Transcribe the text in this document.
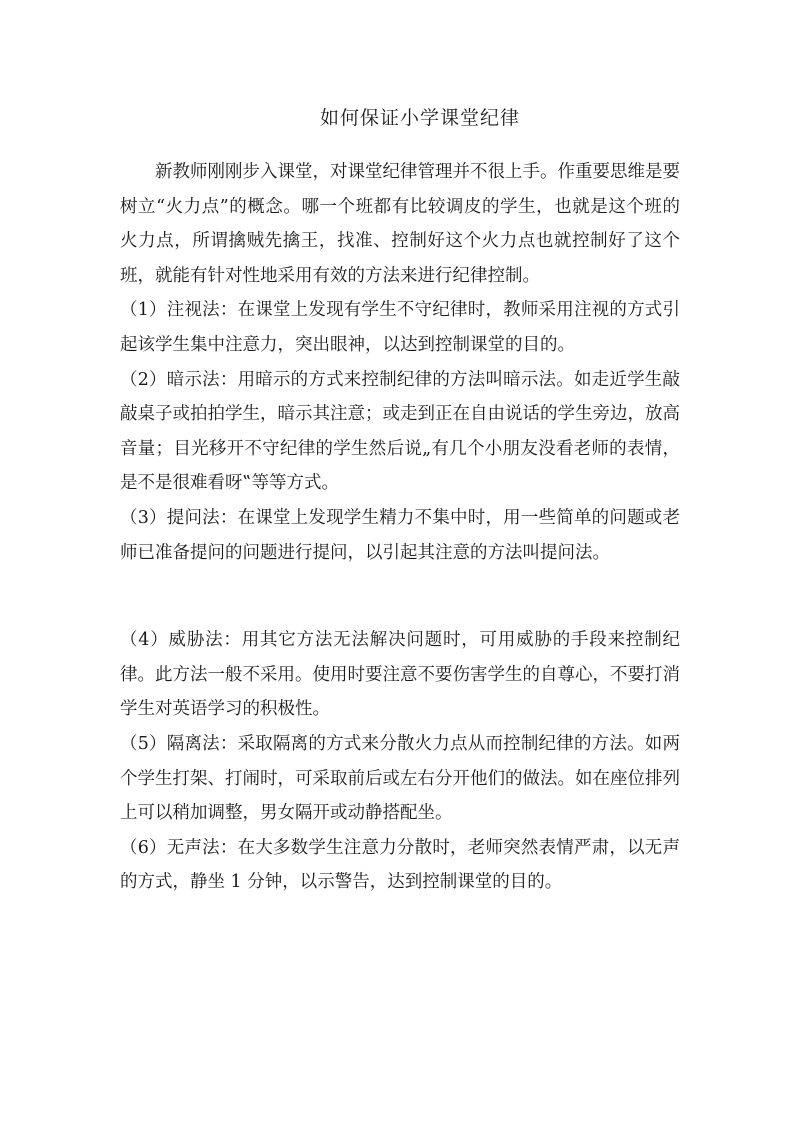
如何保证小学课堂纪律

新教师刚刚步入课堂，对课堂纪律管理并不很上手。作重要思维是要树立“火力点”的概念。哪一个班都有比较调皮的学生，也就是这个班的火力点，所谓擒贼先擒王，找准、控制好这个火力点也就控制好了这个班，就能有针对性地采用有效的方法来进行纪律控制。

（1）注视法：在课堂上发现有学生不守纪律时，教师采用注视的方式引起该学生集中注意力，突出眼神，以达到控制课堂的目的。

（2）暗示法：用暗示的方式来控制纪律的方法叫暗示法。如走近学生敲敲桌子或拍拍学生，暗示其注意；或走到正在自由说话的学生旁边，放高音量；目光移开不守纪律的学生然后说„有几个小朋友没看老师的表情，是不是很难看呀‟等等方式。

（3）提问法：在课堂上发现学生精力不集中时，用一些简单的问题或老师已准备提问的问题进行提问，以引起其注意的方法叫提问法。

（4）威胁法：用其它方法无法解决问题时，可用威胁的手段来控制纪律。此方法一般不采用。使用时要注意不要伤害学生的自尊心，不要打消学生对英语学习的积极性。

（5）隔离法：采取隔离的方式来分散火力点从而控制纪律的方法。如两个学生打架、打闹时，可采取前后或左右分开他们的做法。如在座位排列上可以稍加调整，男女隔开或动静搭配坐。

（6）无声法：在大多数学生注意力分散时，老师突然表情严肃，以无声的方式，静坐 1 分钟，以示警告，达到控制课堂的目的。
